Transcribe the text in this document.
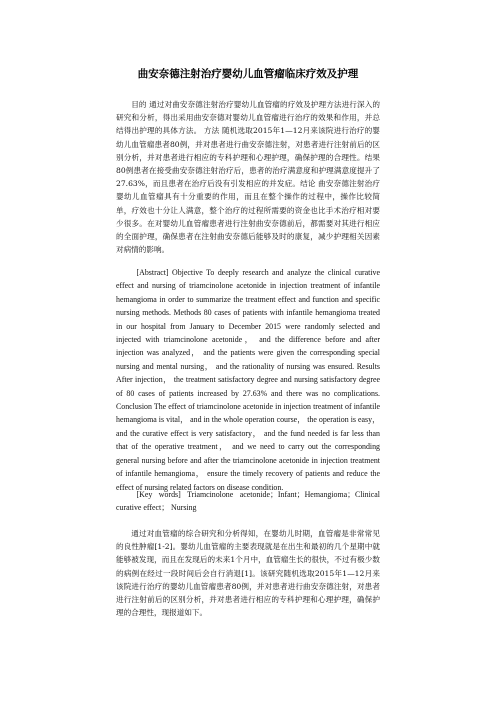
曲安奈德注射治疗婴幼儿血管瘤临床疗效及护理

目的 通过对曲安奈德注射治疗婴幼儿血管瘤的疗效及护理方法进行深入的研究和分析，得出采用曲安奈德对婴幼儿血管瘤进行治疗的效果和作用，并总结得出护理的具体方法。 方法 随机选取2015年1—12月来该院进行治疗的婴幼儿血管瘤患者80例，并对患者进行曲安奈德注射，对患者进行注射前后的区别分析，并对患者进行相应的专科护理和心理护理，确保护理的合理性。结果 80例患者在接受曲安奈德注射治疗后，患者的治疗满意度和护理满意度提升了27.63%，而且患者在治疗后没有引发相应的并发症。结论 曲安奈德注射治疗婴幼儿血管瘤具有十分重要的作用，而且在整个操作的过程中，操作比较简单，疗效也十分让人满意，整个治疗的过程所需要的资金也比手术治疗相对要少很多。在对婴幼儿血管瘤患者进行注射曲安奈德前后，都需要对其进行相应的全面护理，确保患者在注射曲安奈德后能够及时的康复，减少护理相关因素对病情的影响。

[Abstract] Objective To deeply research and analyze the clinical curative effect and nursing of triamcinolone acetonide in injection treatment of infantile hemangioma in order to summarize the treatment effect and function and specific nursing methods. Methods 80 cases of patients with infantile hemangioma treated in our hospital from January to December 2015 were randomly selected and injected with triamcinolone acetonide， and the difference before and after injection was analyzed， and the patients were given the corresponding special nursing and mental nursing， and the rationality of nursing was ensured. Results After injection， the treatment satisfactory degree and nursing satisfactory degree of 80 cases of patients increased by 27.63% and there was no complications. Conclusion The effect of triamcinolone acetonide in injection treatment of infantile hemangioma is vital， and in the whole operation course， the operation is easy， and the curative effect is very satisfactory， and the fund needed is far less than that of the operative treatment， and we need to carry out the corresponding general nursing before and after the triamcinolone acetonide in injection treatment of infantile hemangioma， ensure the timely recovery of patients and reduce the effect of nursing related factors on disease condition.

[Key words] Triamcinolone acetonide；Infant；Hemangioma；Clinical curative effect； Nursing

通过对血管瘤的综合研究和分析得知，在婴幼儿时期，血管瘤是非常常见的良性肿瘤[1-2]。婴幼儿血管瘤的主要表现就是在出生和最初的几个星期中就能够被发现，而且在发现后的未来1个月中，血管瘤生长的很快，不过有极少数的病例在经过一段时间后会自行消退[1]。该研究随机选取2015年1—12月来该院进行治疗的婴幼儿血管瘤患者80例，并对患者进行曲安奈德注射，对患者进行注射前后的区别分析，并对患者进行相应的专科护理和心理护理，确保护理的合理性，现报道如下。
